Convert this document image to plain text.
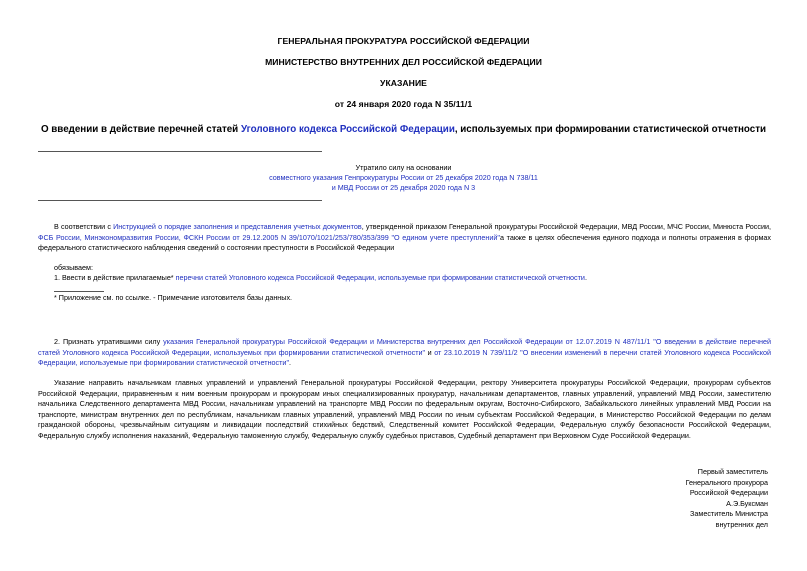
ГЕНЕРАЛЬНАЯ ПРОКУРАТУРА РОССИЙСКОЙ ФЕДЕРАЦИИ
МИНИСТЕРСТВО ВНУТРЕННИХ ДЕЛ РОССИЙСКОЙ ФЕДЕРАЦИИ
УКАЗАНИЕ
от 24 января 2020 года N 35/11/1
О введении в действие перечней статей Уголовного кодекса Российской Федерации, используемых при формировании статистической отчетности
Утратило силу на основании
совместного указания Генпрокуратуры России от 25 декабря 2020 года N 738/11
и МВД России от 25 декабря 2020 года N 3
В соответствии с Инструкцией о порядке заполнения и представления учетных документов, утвержденной приказом Генеральной прокуратуры Российской Федерации, МВД России, МЧС России, Минюста России, ФСБ России, Минэкономразвития России, ФСКН России от 29.12.2005 N 39/1070/1021/253/780/353/399 "О едином учете преступлений"а также в целях обеспечения единого подхода и полноты отражения в формах федерального статистического наблюдения сведений о состоянии преступности в Российской Федерации
обязываем:
1. Ввести в действие прилагаемые* перечни статей Уголовного кодекса Российской Федерации, используемые при формировании статистической отчетности.
* Приложение см. по ссылке. - Примечание изготовителя базы данных.
2. Признать утратившими силу указания Генеральной прокуратуры Российской Федерации и Министерства внутренних дел Российской Федерации от 12.07.2019 N 487/11/1 "О введении в действие перечней статей Уголовного кодекса Российской Федерации, используемых при формировании статистической отчетности" и от 23.10.2019 N 739/11/2 "О внесении изменений в перечни статей Уголовного кодекса Российской Федерации, используемые при формировании статистической отчетности".
Указание направить начальникам главных управлений и управлений Генеральной прокуратуры Российской Федерации, ректору Университета прокуратуры Российской Федерации, прокурорам субъектов Российской Федерации, приравненным к ним военным прокурорам и прокурорам иных специализированных прокуратур, начальникам департаментов, главных управлений, управлений МВД России, заместителю начальника Следственного департамента МВД России, начальникам управлений на транспорте МВД России по федеральным округам, Восточно-Сибирского, Забайкальского линейных управлений МВД России на транспорте, министрам внутренних дел по республикам, начальникам главных управлений, управлений МВД России по иным субъектам Российской Федерации, в Министерство Российской Федерации по делам гражданской обороны, чрезвычайным ситуациям и ликвидации последствий стихийных бедствий, Следственный комитет Российской Федерации, Федеральную службу безопасности Российской Федерации, Федеральную службу исполнения наказаний, Федеральную таможенную службу, Федеральную службу судебных приставов, Судебный департамент при Верховном Суде Российской Федерации.
Первый заместитель
Генерального прокурора
Российской Федерации
А.Э.Буксман
Заместитель Министра
внутренних дел
